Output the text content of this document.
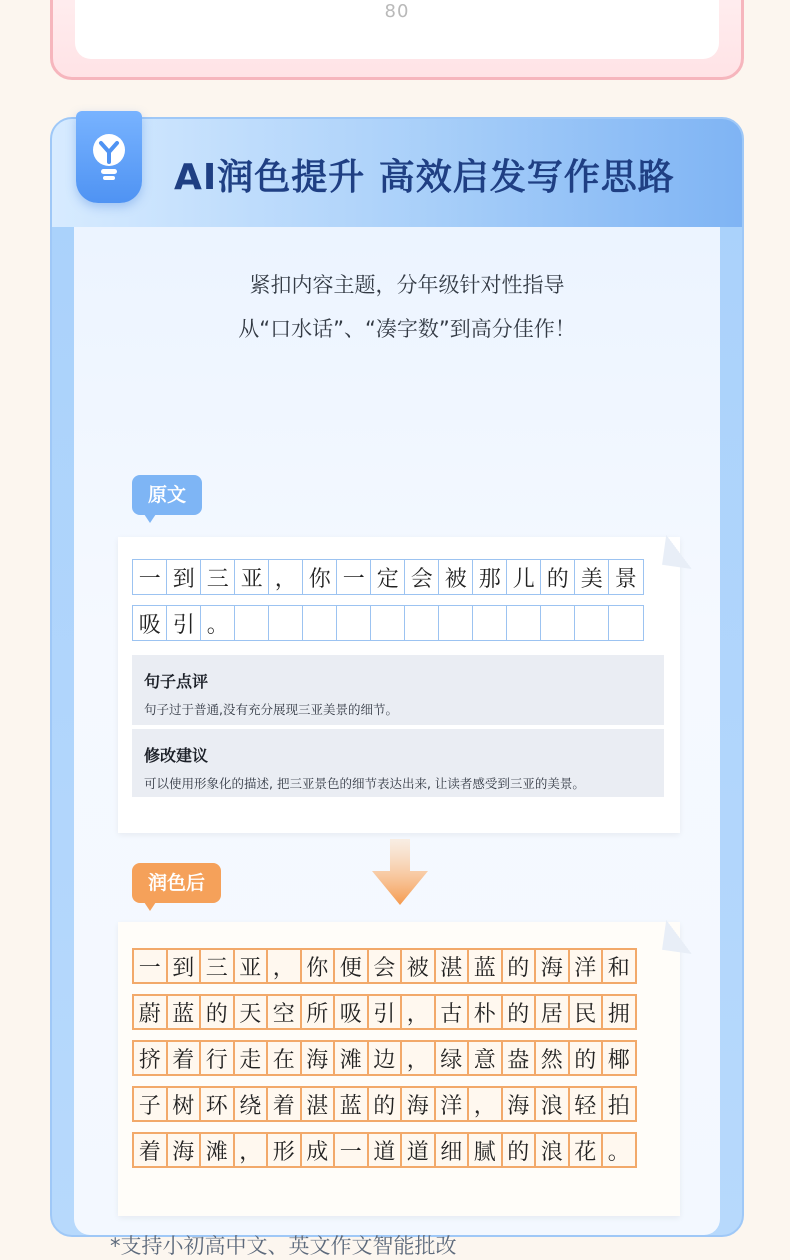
80
AI润色提升 高效启发写作思路
紧扣内容主题，分年级针对性指导
从“口水话”、“凑字数”到高分佳作！
原文
一 到 三 亚 ， 你 一 定 会 被 那 儿 的 美 景
吸 引 。
句子点评
句子过于普通,没有充分展现三亚美景的细节。
修改建议
可以使用形象化的描述, 把三亚景色的细节表达出来, 让读者感受到三亚的美景。
润色后
一 到 三 亚 ， 你 便 会 被 湛 蓝 的 海 洋 和
蔚 蓝 的 天 空 所 吸 引 ， 古 朴 的 居 民 拥
挤 着 行 走 在 海 滩 边 ， 绿 意 盎 然 的 椰
子 树 环 绕 着 湛 蓝 的 海 洋 ， 海 浪 轻 拍
着 海 滩 ， 形 成 一 道 道 细 腻 的 浪 花 。
*支持小初高中文、英文作文智能批改
